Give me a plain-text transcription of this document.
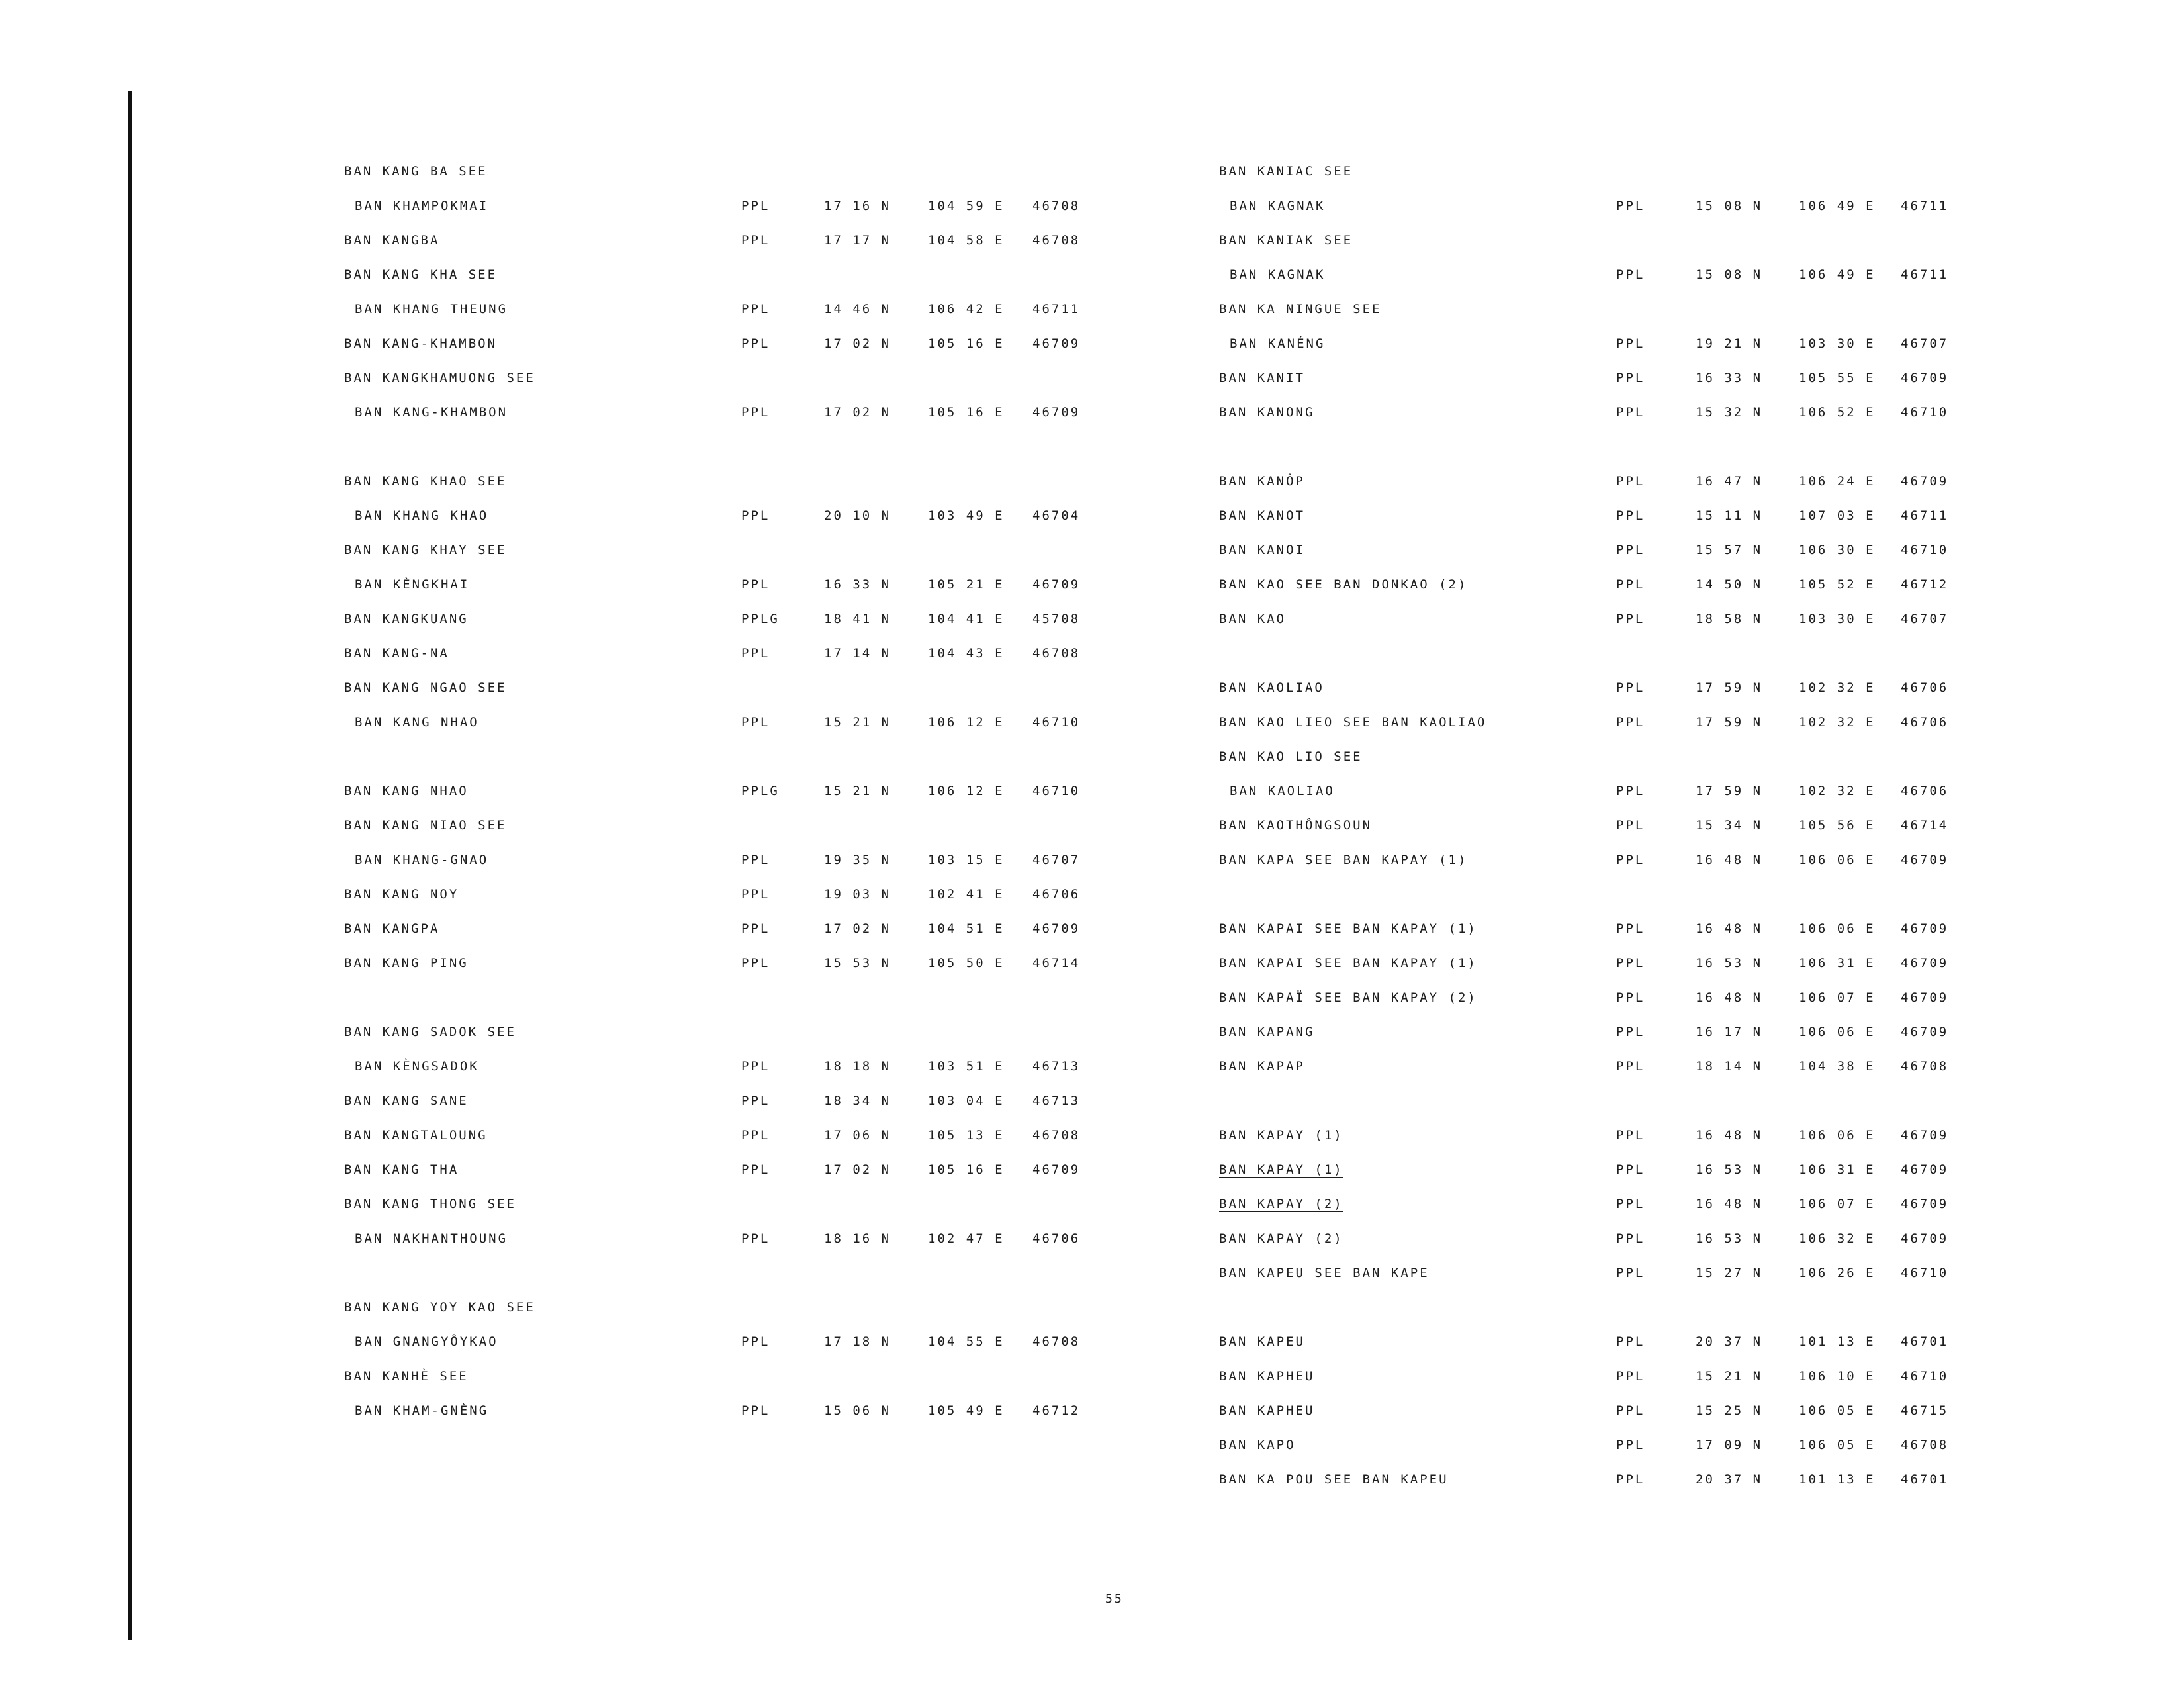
BAN KANG BA SEE
BAN KHAMPOKMAI	PPL	17 16 N	104 59 E 46708
BAN KANGBA	PPL	17 17 N	104 58 E 46708
BAN KANG KHA SEE
BAN KHANG THEUNG	PPL	14 46 N	106 42 E 46711
BAN KANG-KHAMBON	PPL	17 02 N	105 16 E 46709
BAN KANGKHAMUONG SEE
BAN KANG-KHAMBON	PPL	17 02 N	105 16 E 46709
BAN KANG KHAO SEE
BAN KHANG KHAO	PPL	20 10 N	103 49 E 46704
BAN KANG KHAY SEE
BAN KÈNGKHAI	PPL	16 33 N	105 21 E 46709
BAN KANGKUANG	PPLG	18 41 N	104 41 E 45708
BAN KANG-NA	PPL	17 14 N	104 43 E 46708
BAN KANG NGAO SEE
BAN KANG NHAO	PPL	15 21 N	106 12 E 46710
BAN KANG NHAO	PPLG	15 21 N	106 12 E 46710
BAN KANG NIAO SEE
BAN KHANG-GNAO	PPL	19 35 N	103 15 E 46707
BAN KANG NOY	PPL	19 03 N	102 41 E 46706
BAN KANGPA	PPL	17 02 N	104 51 E 46709
BAN KANG PING	PPL	15 53 N	105 50 E 46714
BAN KANG SADOK SEE
BAN KÈNGSADOK	PPL	18 18 N	103 51 E 46713
BAN KANG SANE	PPL	18 34 N	103 04 E 46713
BAN KANGTALOUNG	PPL	17 06 N	105 13 E 46708
BAN KANG THA	PPL	17 02 N	105 16 E 46709
BAN KANG THONG SEE
BAN NAKHANTHOUNG	PPL	18 16 N	102 47 E 46706
BAN KANG YOY KAO SEE
BAN GNANGYÔYKAO	PPL	17 18 N	104 55 E 46708
BAN KANHÈ SEE
BAN KHAM-GNÈNG	PPL	15 06 N	105 49 E 46712
BAN KANIAC SEE
BAN KAGNAK	PPL	15 08 N	106 49 E 46711
BAN KANIAK SEE
BAN KAGNAK	PPL	15 08 N	106 49 E 46711
BAN KA NINGUE SEE
BAN KANÉNG	PPL	19 21 N	103 30 E 46707
BAN KANIT	PPL	16 33 N	105 55 E 46709
BAN KANONG	PPL	15 32 N	106 52 E 46710
BAN KANÔP	PPL	16 47 N	106 24 E 46709
BAN KANOT	PPL	15 11 N	107 03 E 46711
BAN KANOI	PPL	15 57 N	106 30 E 46710
BAN KAO SEE BAN DONKAO (2)	PPL	14 50 N	105 52 E 46712
BAN KAO	PPL	18 58 N	103 30 E 46707
BAN KAOLIAO	PPL	17 59 N	102 32 E 46706
BAN KAO LIEO SEE BAN KAOLIAO	PPL	17 59 N	102 32 E 46706
BAN KAO LIO SEE
BAN KAOLIAO	PPL	17 59 N	102 32 E 46706
BAN KAOTHÔNGSOUN	PPL	15 34 N	105 56 E 46714
BAN KAPA SEE BAN KAPAY (1)	PPL	16 48 N	106 06 E 46709
BAN KAPAI SEE BAN KAPAY (1)	PPL	16 48 N	106 06 E 46709
BAN KAPAI SEE BAN KAPAY (1)	PPL	16 53 N	106 31 E 46709
BAN KAPAÏ SEE BAN KAPAY (2)	PPL	16 48 N	106 07 E 46709
BAN KAPANG	PPL	16 17 N	106 06 E 46709
BAN KAPAP	PPL	18 14 N	104 38 E 46708
BAN KAPAY (1)	PPL	16 48 N	106 06 E 46709
BAN KAPAY (1)	PPL	16 53 N	106 31 E 46709
BAN KAPAY (2)	PPL	16 48 N	106 07 E 46709
BAN KAPAY (2)	PPL	16 53 N	106 32 E 46709
BAN KAPEU SEE BAN KAPE	PPL	15 27 N	106 26 E 46710
BAN KAPEU	PPL	20 37 N	101 13 E 46701
BAN KAPHEU	PPL	15 21 N	106 10 E 46710
BAN KAPHEU	PPL	15 25 N	106 05 E 46715
BAN KAPO	PPL	17 09 N	106 05 E 46708
BAN KA POU SEE BAN KAPEU	PPL	20 37 N	101 13 E 46701
55
